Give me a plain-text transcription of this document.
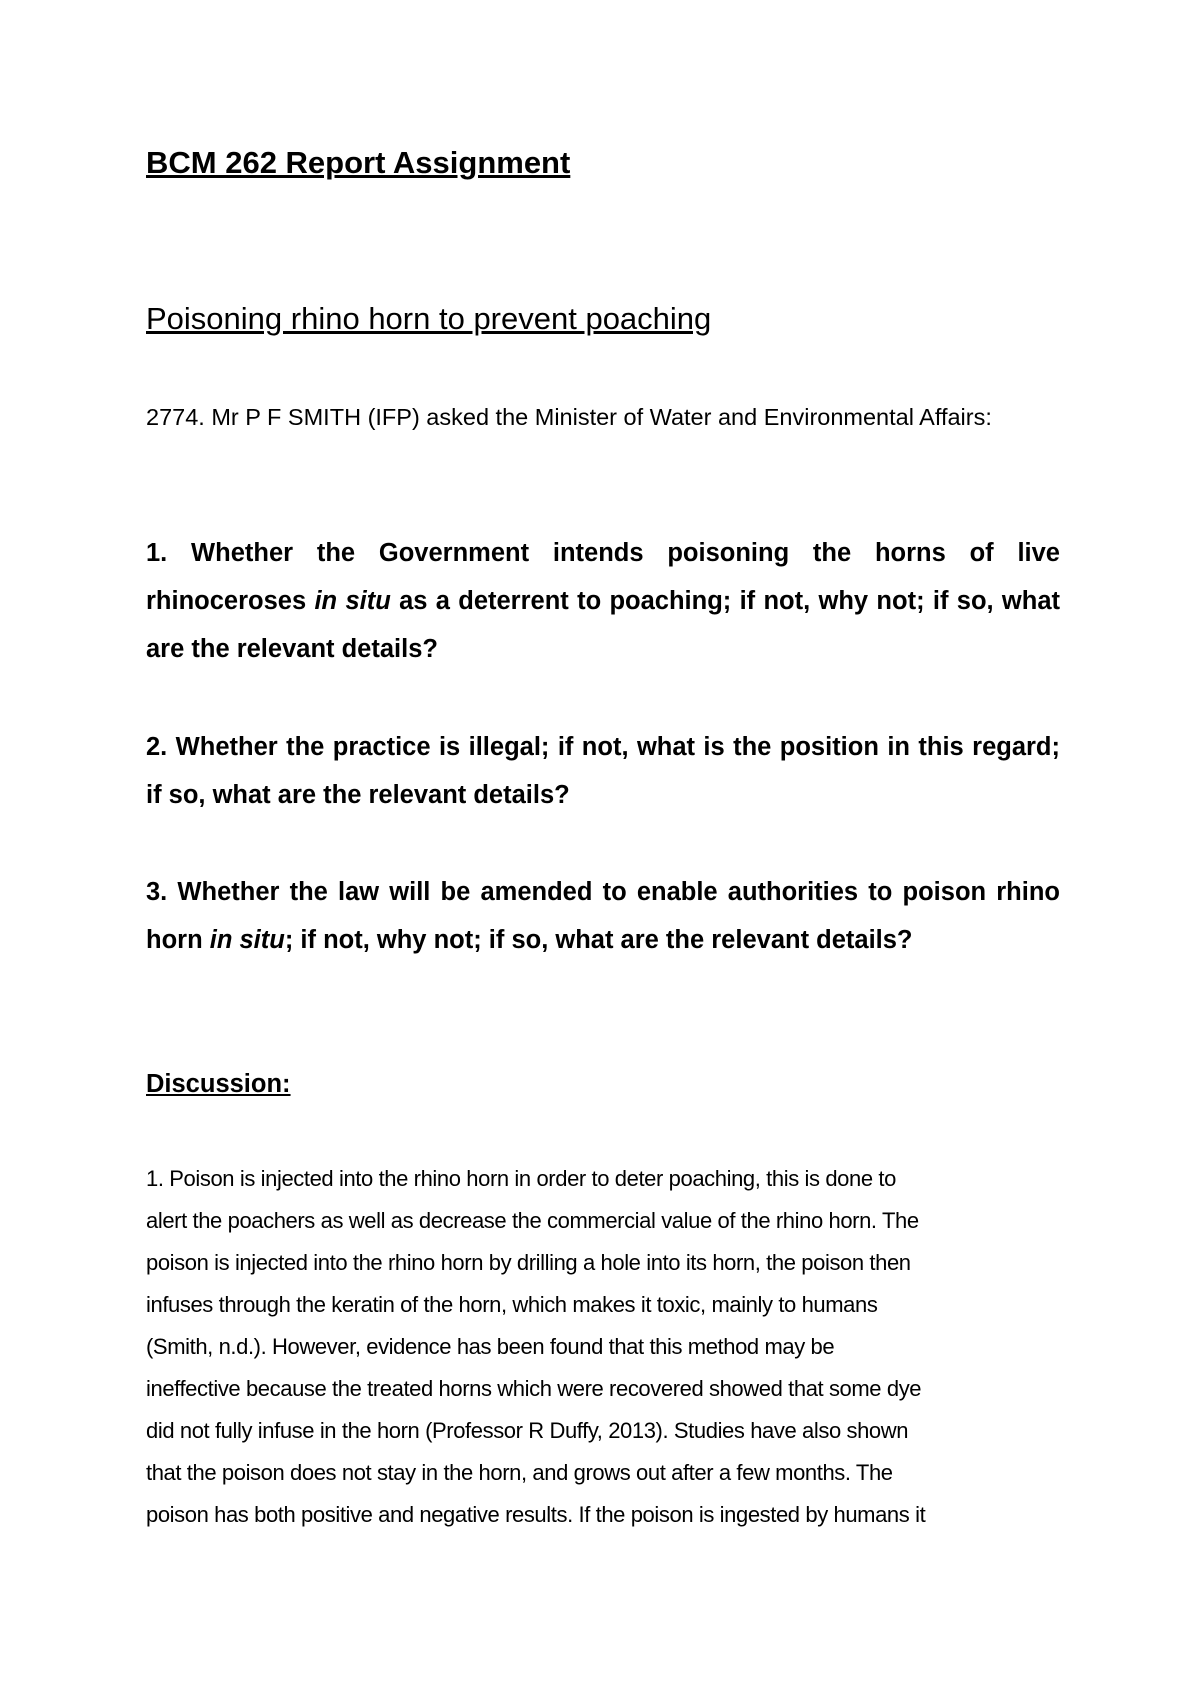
BCM 262 Report Assignment
Poisoning rhino horn to prevent poaching

2774. Mr P F SMITH (IFP) asked the Minister of Water and Environmental Affairs:

1. Whether the Government intends poisoning the horns of live rhinoceroses in situ as a deterrent to poaching; if not, why not; if so, what are the relevant details?

2. Whether the practice is illegal; if not, what is the position in this regard; if so, what are the relevant details?

3. Whether the law will be amended to enable authorities to poison rhino horn in situ; if not, why not; if so, what are the relevant details?

Discussion:
1. Poison is injected into the rhino horn in order to deter poaching, this is done to
alert the poachers as well as decrease the commercial value of the rhino horn. The
poison is injected into the rhino horn by drilling a hole into its horn, the poison then
infuses through the keratin of the horn, which makes it toxic, mainly to humans
(Smith, n.d.). However, evidence has been found that this method may be
ineffective because the treated horns which were recovered showed that some dye
did not fully infuse in the horn (Professor R Duffy, 2013). Studies have also shown
that the poison does not stay in the horn, and grows out after a few months. The
poison has both positive and negative results. If the poison is ingested by humans it
